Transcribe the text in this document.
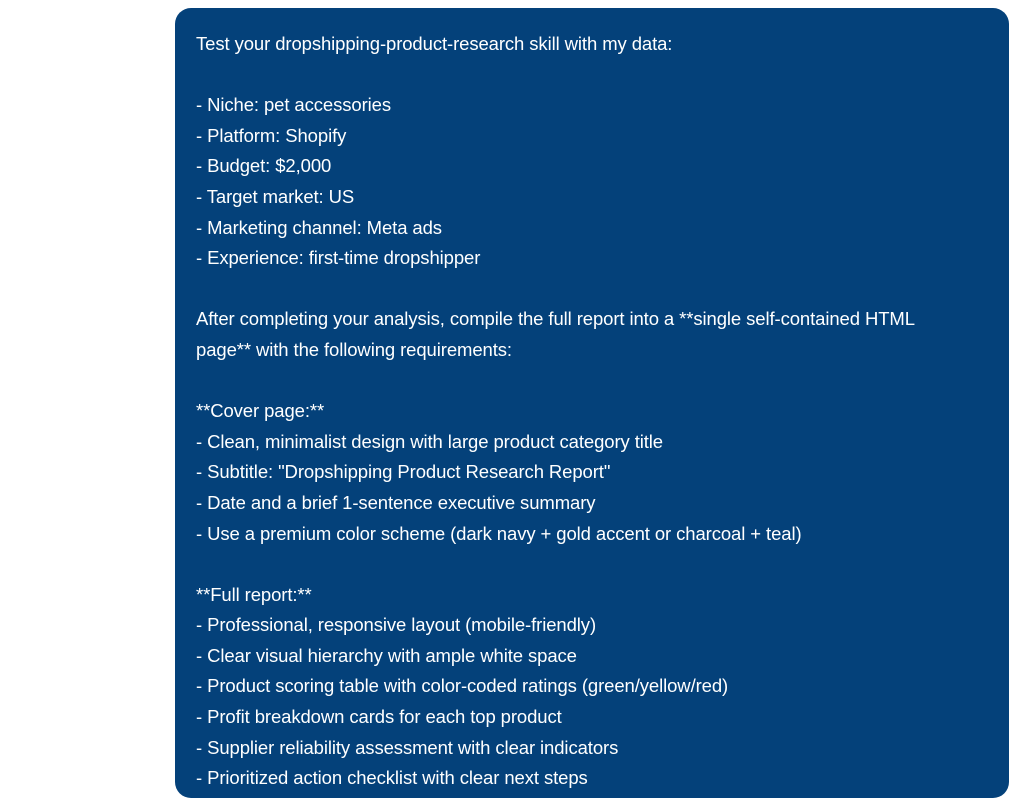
Test your dropshipping-product-research skill with my data:
- Niche: pet accessories
- Platform: Shopify
- Budget: $2,000
- Target market: US
- Marketing channel: Meta ads
- Experience: first-time dropshipper
After completing your analysis, compile the full report into a **single self-contained HTML
page** with the following requirements:
**Cover page:**
- Clean, minimalist design with large product category title
- Subtitle: "Dropshipping Product Research Report"
- Date and a brief 1-sentence executive summary
- Use a premium color scheme (dark navy + gold accent or charcoal + teal)
**Full report:**
- Professional, responsive layout (mobile-friendly)
- Clear visual hierarchy with ample white space
- Product scoring table with color-coded ratings (green/yellow/red)
- Profit breakdown cards for each top product
- Supplier reliability assessment with clear indicators
- Prioritized action checklist with clear next steps
